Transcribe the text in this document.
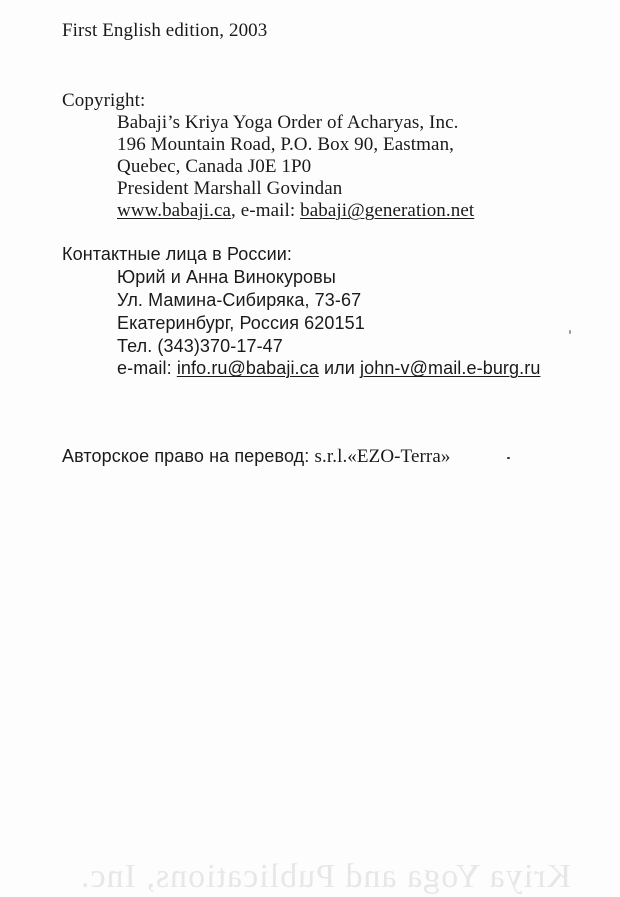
First English edition, 2003
Copyright:
Babaji’s Kriya Yoga Order of Acharyas, Inc.
196 Mountain Road, P.O. Box 90, Eastman,
Quebec, Canada J0E 1P0
President Marshall Govindan
www.babaji.ca, e-mail: babaji@generation.net
Контактные лица в России:
Юрий и Анна Винокуровы
Ул. Мамина-Сибиряка, 73-67
Екатеринбург, Россия 620151
Тел. (343)370-17-47
e-mail: info.ru@babaji.ca или john-v@mail.e-burg.ru
Авторское право на перевод: s.r.l.«EZO-Terra»
Kriya Yoga and Publications, Inc.
